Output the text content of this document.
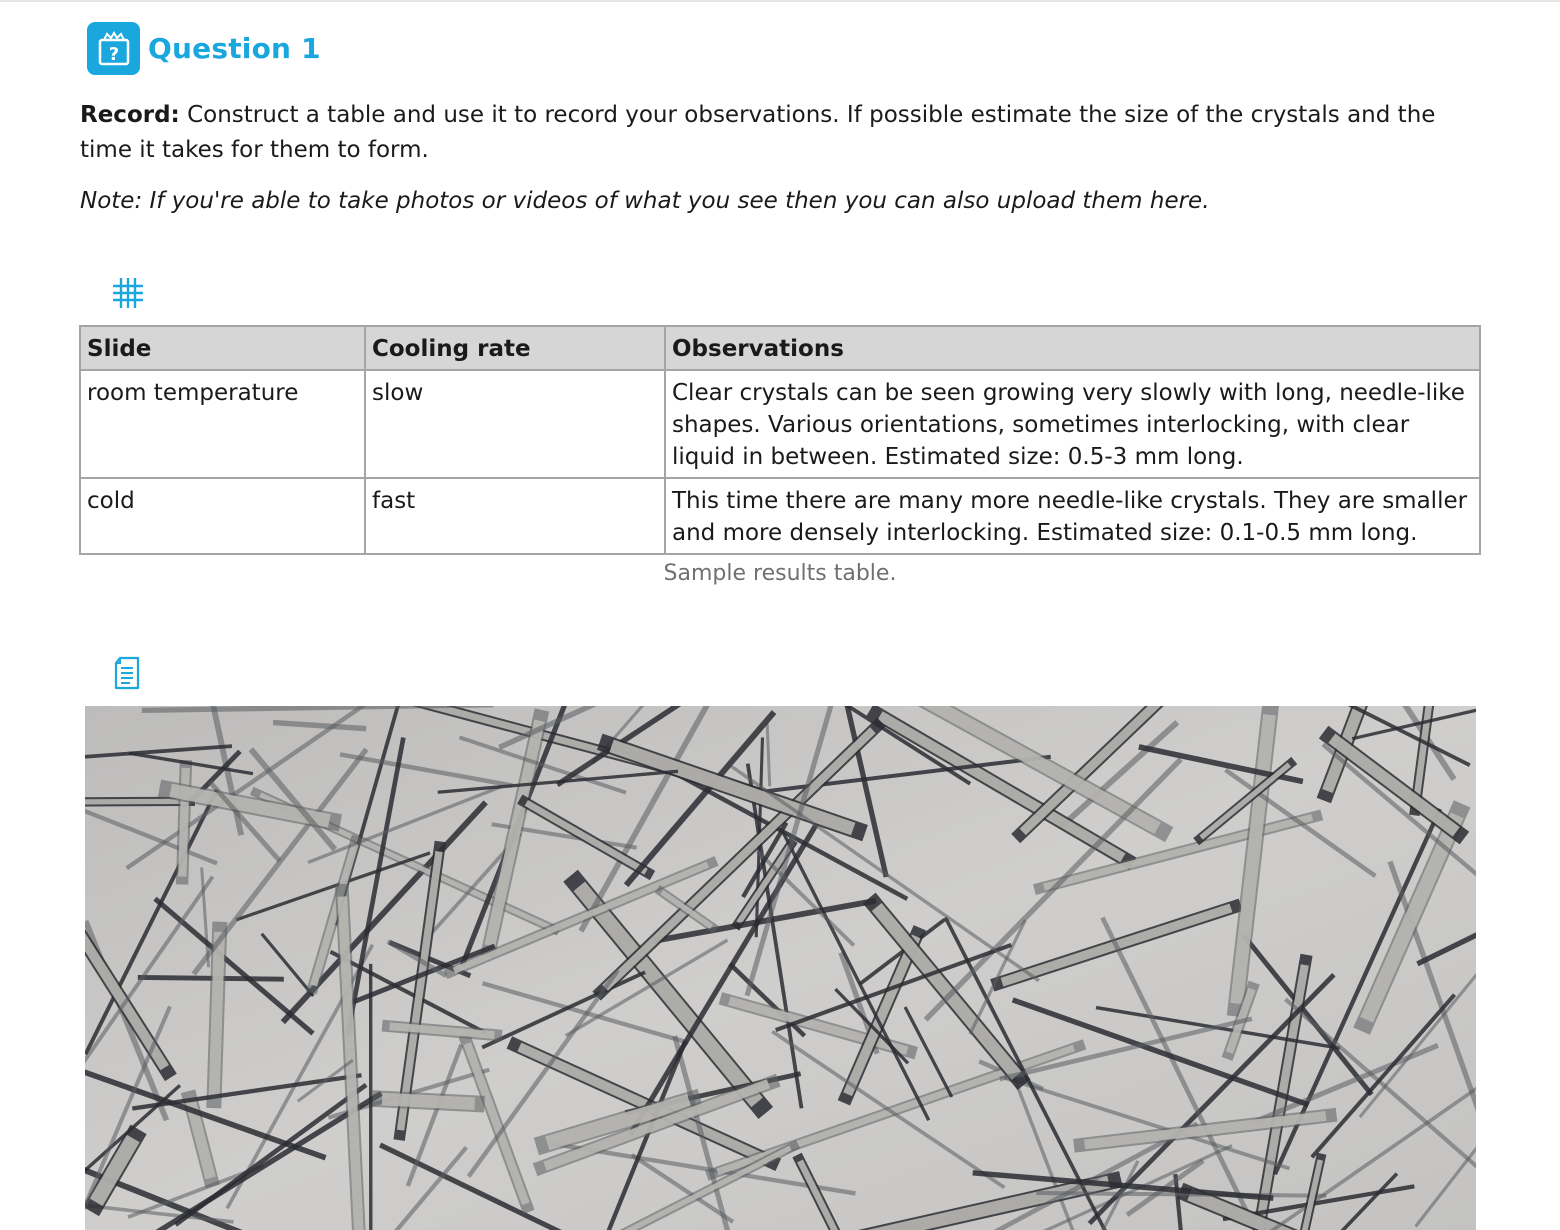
? Question 1

Record: Construct a table and use it to record your observations. If possible estimate the size of the crystals and the time it takes for them to form.

Note: If you're able to take photos or videos of what you see then you can also upload them here.

Slide	Cooling rate	Observations
room temperature	slow	Clear crystals can be seen growing very slowly with long, needle-like shapes. Various orientations, sometimes interlocking, with clear liquid in between. Estimated size: 0.5-3 mm long.
cold	fast	This time there are many more needle-like crystals. They are smaller and more densely interlocking. Estimated size: 0.1-0.5 mm long.
Sample results table.
